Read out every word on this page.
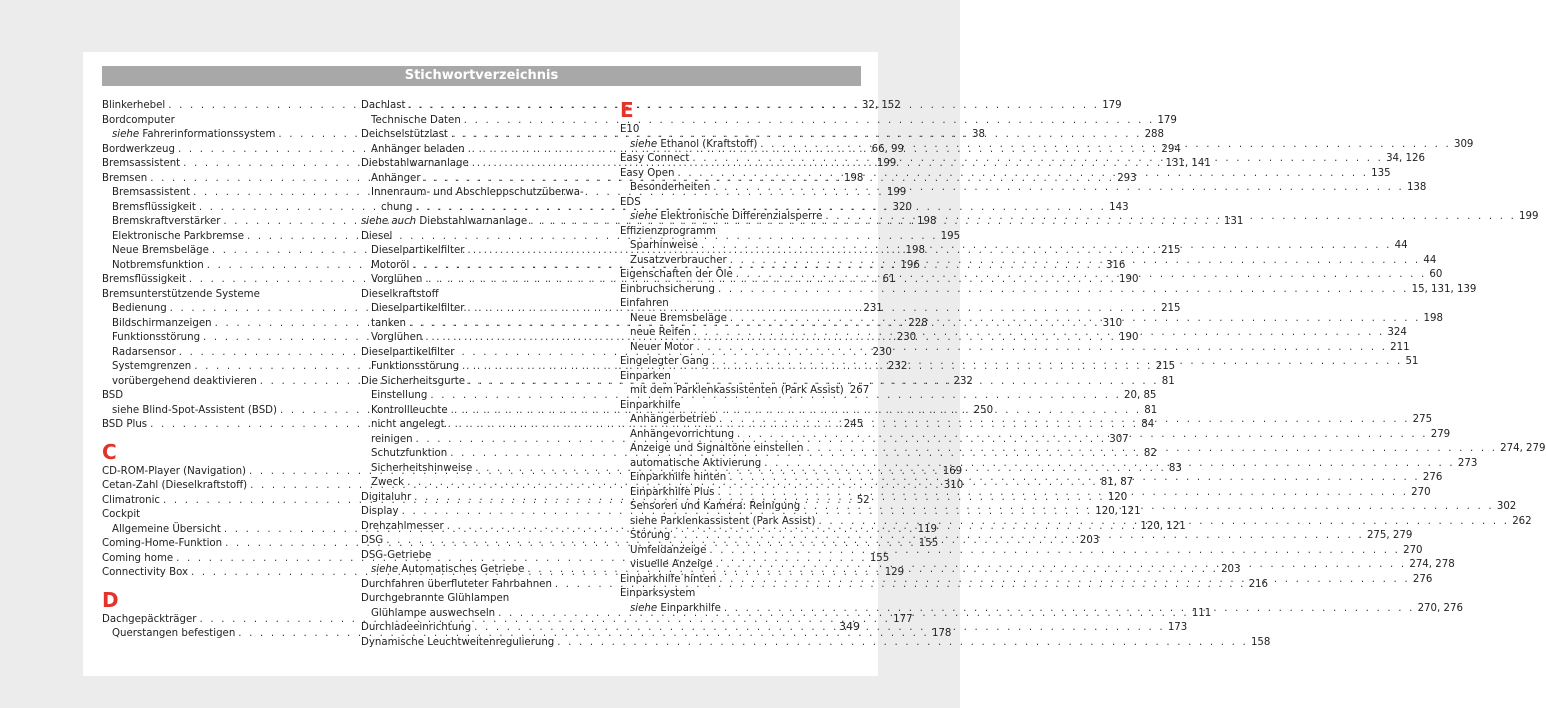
Stichwortverzeichnis
Blinkerhebel . . .	32, 152
Bordcomputer
siehe Fahrerinformationssystem . . .	38
Bordwerkzeug . . .	66, 99
Bremsassistent . . .	199
Bremsen . . .	198
Bremsassistent . . .	199
Bremsflüssigkeit . . .	320
Bremskraftverstärker . . .	198
Elektronische Parkbremse . . .	195
Neue Bremsbeläge . . .	198
Notbremsfunktion . . .	196
Bremsflüssigkeit . . .	61
Bremsunterstützende Systeme
Bedienung . . .	231
Bildschirmanzeigen . . .	228
Funktionsstörung . . .	230
Radarsensor . . .	230
Systemgrenzen . . .	232
vorübergehend deaktivieren . . .	232
BSD
siehe Blind-Spot-Assistent (BSD) . . .	250
BSD Plus . . .	245
C
CD-ROM-Player (Navigation) . . .	169
Cetan-Zahl (Dieselkraftstoff) . . .	310
Climatronic . . .	52
Cockpit
Allgemeine Übersicht . . .	119
Coming-Home-Funktion . . .	155
Coming home . . .	155
Connectivity Box . . .	129
D
Dachgepäckträger . . .	177
Querstangen befestigen . . .	178
Dachlast . . .	179
Technische Daten . . .	179
Deichselstützlast . . .	288
Anhänger beladen . . .	294
Diebstahlwarnanlage . . .	131, 141
Anhänger . . .	293
Innenraum- und Abschleppschutzüberwa-
chung . . .	143
siehe auch Diebstahlwarnanlage . . .	131
Diesel
Dieselpartikelfilter . . .	215
Motoröl . . .	316
Vorglühen . . .	190
Dieselkraftstoff
Dieselpartikelfilter . . .	215
tanken . . .	310
Vorglühen . . .	190
Dieselpartikelfilter
Funktionsstörung . . .	215
Die Sicherheitsgurte . . .	81
Einstellung . . .	20, 85
Kontrollleuchte . . .	81
nicht angelegt . . .	84
reinigen . . .	307
Schutzfunktion . . .	82
Sicherheitshinweise . . .	83
Zweck . . .	81, 87
Digitaluhr . . .	120
Display . . .	120, 121
Drehzahlmesser . . .	120, 121
DSG . . .	203
DSG-Getriebe
siehe Automatisches Getriebe . . .	203
Durchfahren überfluteter Fahrbahnen . . .	216
Durchgebrannte Glühlampen
Glühlampe auswechseln . . .	111
Durchladeeinrichtung . . .	173
Dynamische Leuchtweitenregulierung . . .	158
E
E10
siehe Ethanol (Kraftstoff) . . .	309
Easy Connect . . .	34, 126
Easy Open . . .	135
Besonderheiten . . .	138
EDS
siehe Elektronische Differenzialsperre . . .	199
Effizienzprogramm
Sparhinweise . . .	44
Zusatzverbraucher . . .	44
Eigenschaften der Öle . . .	60
Einbruchsicherung . . .	15, 131, 139
Einfahren
Neue Bremsbeläge . . .	198
neue Reifen . . .	324
Neuer Motor . . .	211
Eingelegter Gang . . .	51
Einparken
mit dem Parklenkassistenten (Park Assist) 267
Einparkhilfe
Anhängerbetrieb . . .	275
Anhängevorrichtung . . .	279
Anzeige und Signaltöne einstellen . . .	274, 279
automatische Aktivierung . . .	273
Einparkhilfe hinten . . .	276
Einparkhilfe Plus . . .	270
Sensoren und Kamera: Reinigung . . .	302
siehe Parklenkassistent (Park Assist) . . .	262
Störung . . .	275, 279
Umfeldanzeige . . .	270
visuelle Anzeige . . .	274, 278
Einparkhilfe hinten . . .	276
Einparksystem
siehe Einparkhilfe . . .	270, 276
349
